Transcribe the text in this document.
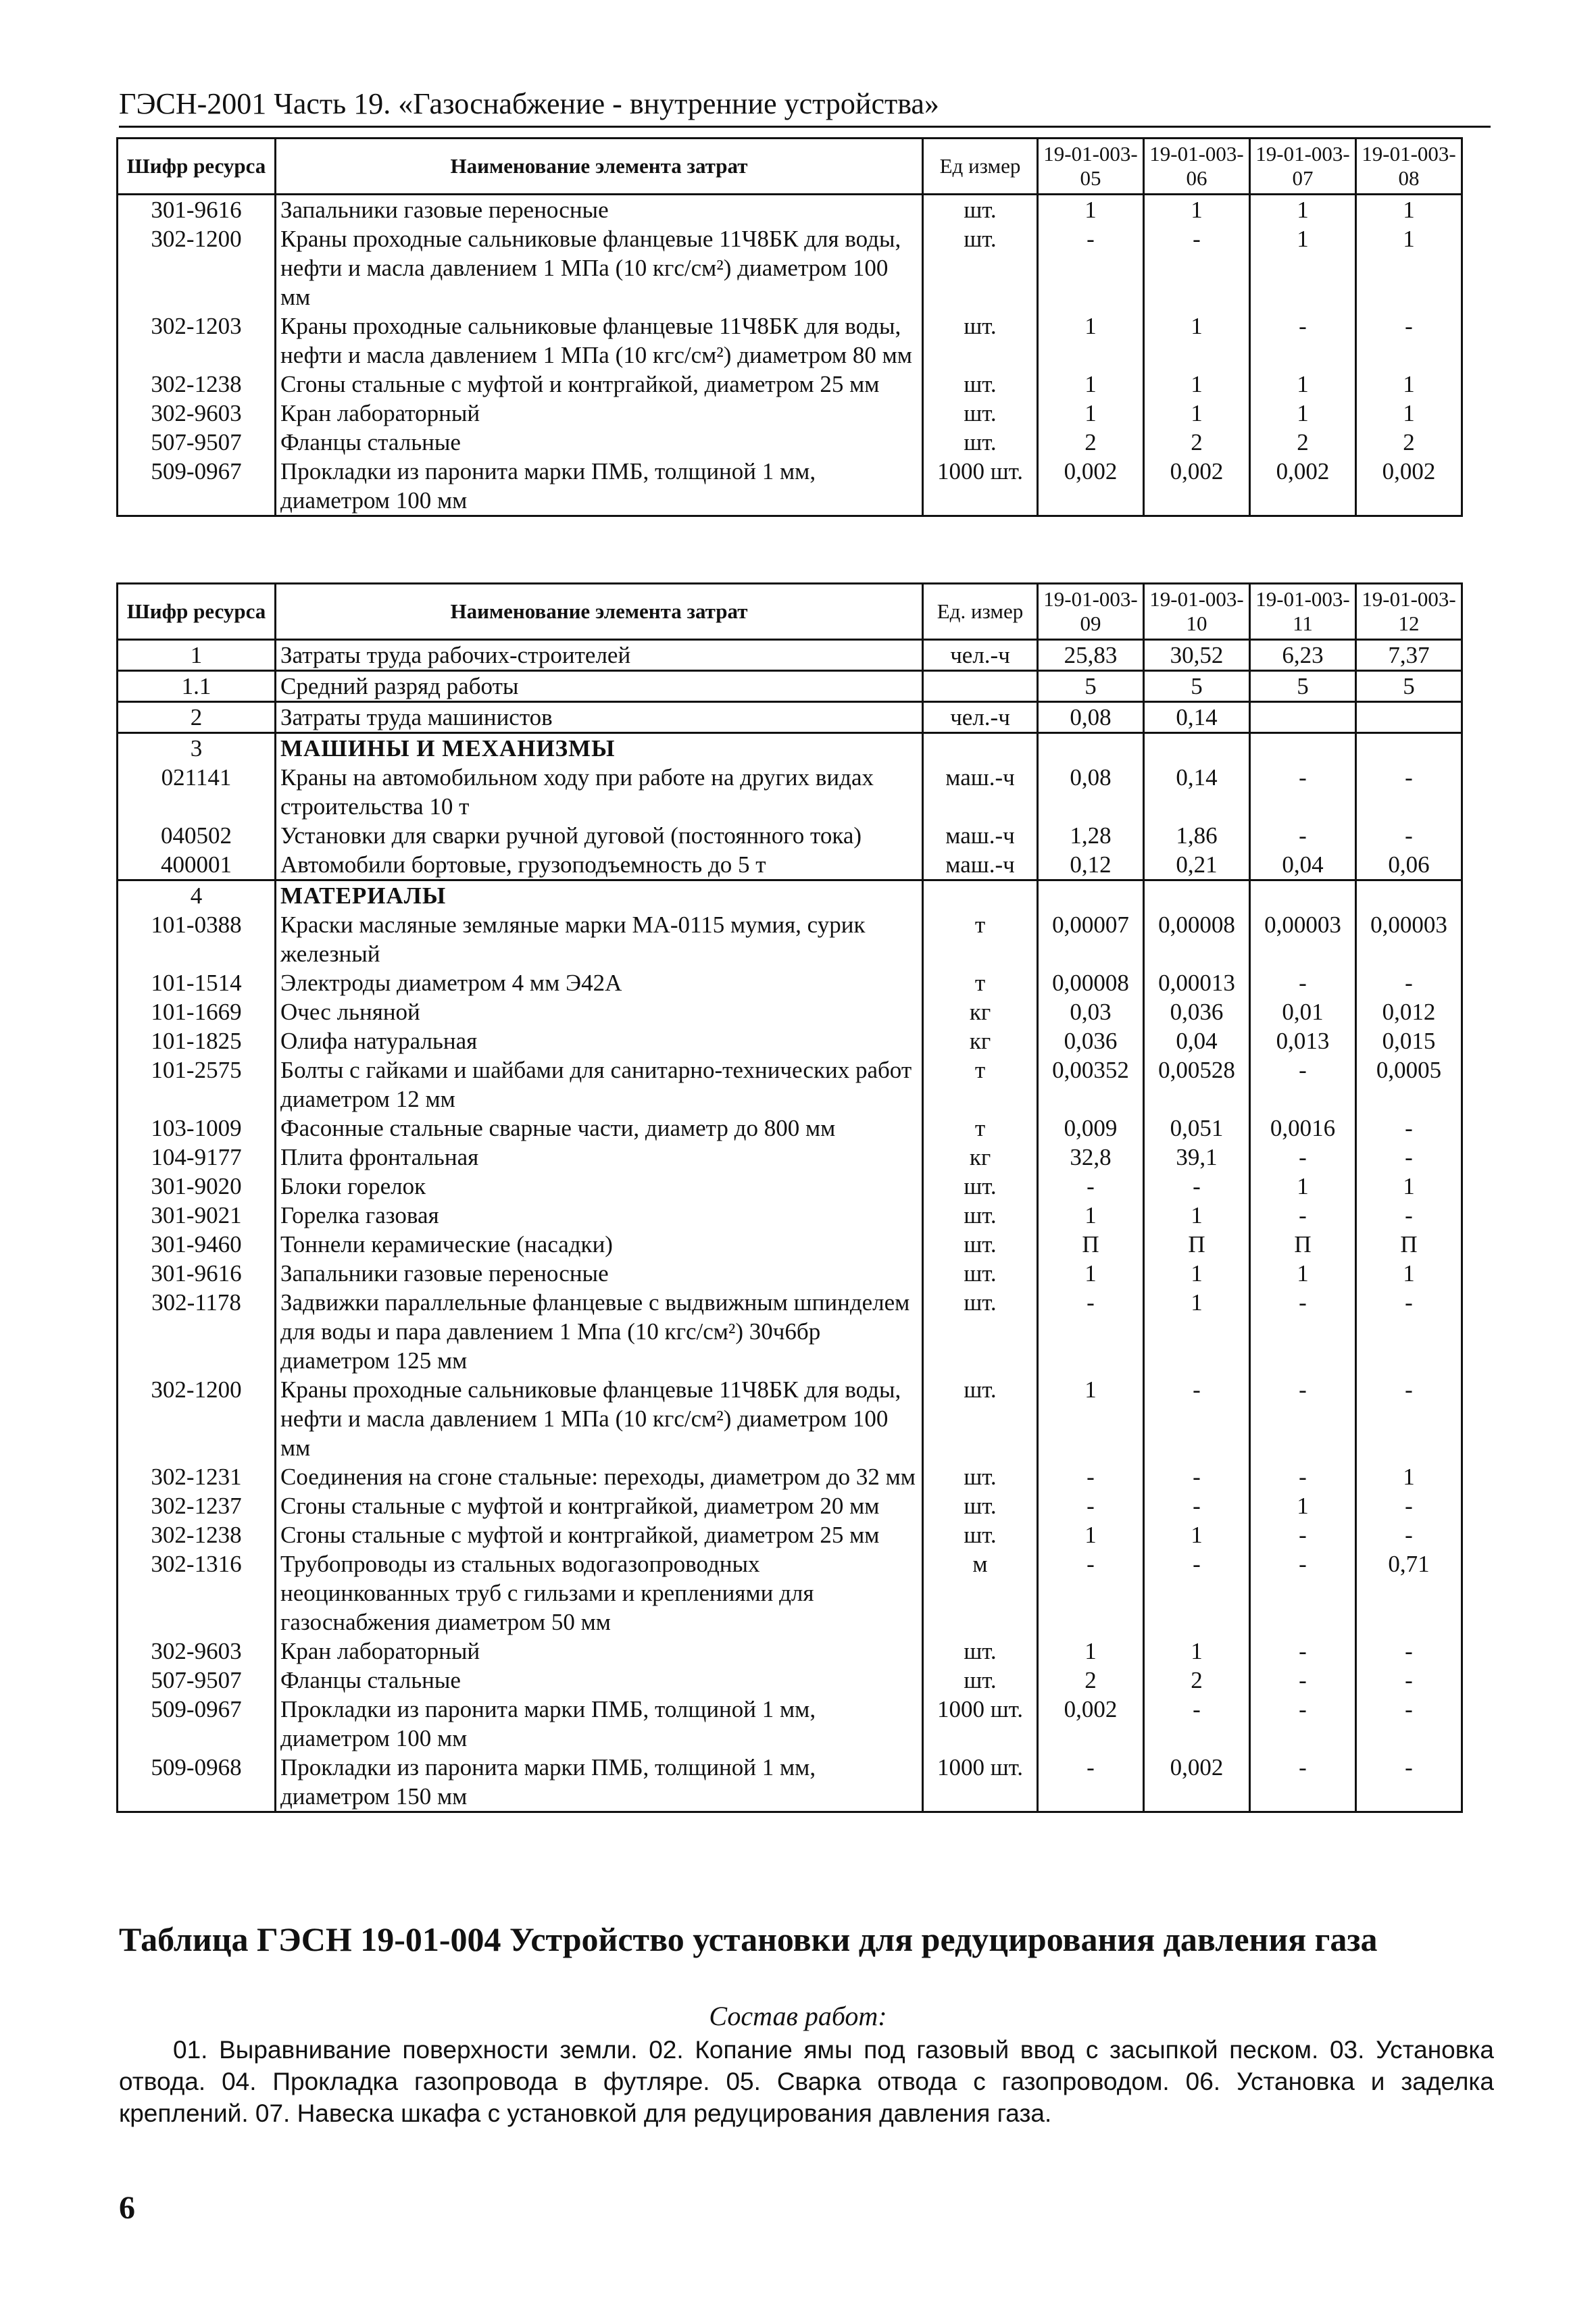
ГЭСН-2001 Часть 19. «Газоснабжение - внутренние устройства»
Шифр ресурса	Наименование элемента затрат	Ед измер	19-01-003-05	19-01-003-06	19-01-003-07	19-01-003-08
301-9616	Запальники газовые переносные	шт.	1	1	1	1
302-1200	Краны проходные сальниковые фланцевые 11Ч8БК для воды, нефти и масла давлением 1 МПа (10 кгс/см²) диаметром 100 мм	шт.	-	-	1	1
302-1203	Краны проходные сальниковые фланцевые 11Ч8БК для воды, нефти и масла давлением 1 МПа (10 кгс/см²) диаметром 80 мм	шт.	1	1	-	-
302-1238	Сгоны стальные с муфтой и контргайкой, диаметром 25 мм	шт.	1	1	1	1
302-9603	Кран лабораторный	шт.	1	1	1	1
507-9507	Фланцы стальные	шт.	2	2	2	2
509-0967	Прокладки из паронита марки ПМБ, толщиной 1 мм, диаметром 100 мм	1000 шт.	0,002	0,002	0,002	0,002
Шифр ресурса	Наименование элемента затрат	Ед. измер	19-01-003-09	19-01-003-10	19-01-003-11	19-01-003-12
1	Затраты труда рабочих-строителей	чел.-ч	25,83	30,52	6,23	7,37
1.1	Средний разряд работы		5	5	5	5
2	Затраты труда машинистов	чел.-ч	0,08	0,14		
3	МАШИНЫ И МЕХАНИЗМЫ					
021141	Краны на автомобильном ходу при работе на других видах строительства 10 т	маш.-ч	0,08	0,14	-	-
040502	Установки для сварки ручной дуговой (постоянного тока)	маш.-ч	1,28	1,86	-	-
400001	Автомобили бортовые, грузоподъемность до 5 т	маш.-ч	0,12	0,21	0,04	0,06
4	МАТЕРИАЛЫ					
101-0388	Краски масляные земляные марки МА-0115 мумия, сурик железный	т	0,00007	0,00008	0,00003	0,00003
101-1514	Электроды диаметром 4 мм Э42А	т	0,00008	0,00013	-	-
101-1669	Очес льняной	кг	0,03	0,036	0,01	0,012
101-1825	Олифа натуральная	кг	0,036	0,04	0,013	0,015
101-2575	Болты с гайками и шайбами для санитарно-технических работ диаметром 12 мм	т	0,00352	0,00528	-	0,0005
103-1009	Фасонные стальные сварные части, диаметр до 800 мм	т	0,009	0,051	0,0016	-
104-9177	Плита фронтальная	кг	32,8	39,1	-	-
301-9020	Блоки горелок	шт.	-	-	1	1
301-9021	Горелка газовая	шт.	1	1	-	-
301-9460	Тоннели керамические (насадки)	шт.	П	П	П	П
301-9616	Запальники газовые переносные	шт.	1	1	1	1
302-1178	Задвижки параллельные фланцевые с выдвижным шпинделем для воды и пара давлением 1 Мпа (10 кгс/см²) 30ч6бр диаметром 125 мм	шт.	-	1	-	-
302-1200	Краны проходные сальниковые фланцевые 11Ч8БК для воды, нефти и масла давлением 1 МПа (10 кгс/см²) диаметром 100 мм	шт.	1	-	-	-
302-1231	Соединения на сгоне стальные: переходы, диаметром до 32 мм	шт.	-	-	-	1
302-1237	Сгоны стальные с муфтой и контргайкой, диаметром 20 мм	шт.	-	-	1	-
302-1238	Сгоны стальные с муфтой и контргайкой, диаметром 25 мм	шт.	1	1	-	-
302-1316	Трубопроводы из стальных водогазопроводных неоцинкованных труб с гильзами и креплениями для газоснабжения диаметром 50 мм	м	-	-	-	0,71
302-9603	Кран лабораторный	шт.	1	1	-	-
507-9507	Фланцы стальные	шт.	2	2	-	-
509-0967	Прокладки из паронита марки ПМБ, толщиной 1 мм, диаметром 100 мм	1000 шт.	0,002	-	-	-
509-0968	Прокладки из паронита марки ПМБ, толщиной 1 мм, диаметром 150 мм	1000 шт.	-	0,002	-	-
Таблица ГЭСН 19-01-004 Устройство установки для редуцирования давления газа
Состав работ:
01. Выравнивание поверхности земли. 02. Копание ямы под газовый ввод с засыпкой песком. 03. Установка отвода. 04. Прокладка газопровода в футляре. 05. Сварка отвода с газопроводом. 06. Установка и заделка креплений. 07. Навеска шкафа с установкой для редуцирования давления газа.
6
